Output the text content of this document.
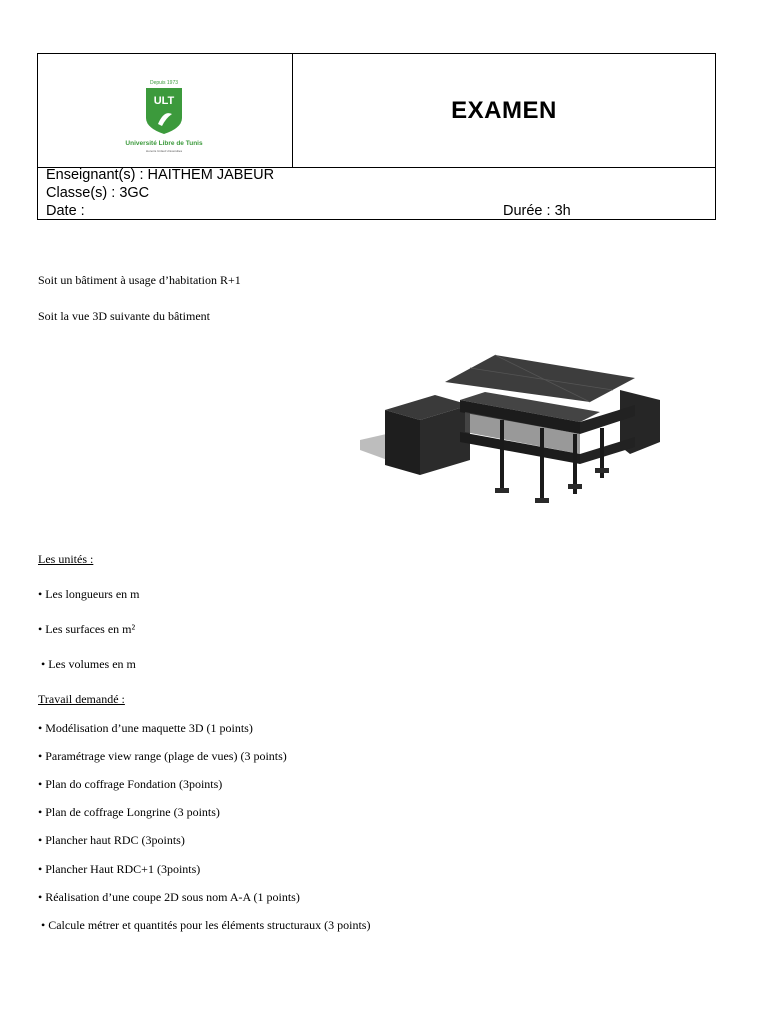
Depuis 1973
ULT
Université Libre de Tunis
Honoris United Universities
EXAMEN
Enseignant(s) : HAITHEM JABEUR
Classe(s) : 3GC
Date :	Durée : 3h
Soit un bâtiment à usage d’habitation R+1
Soit la vue 3D suivante du bâtiment
Les unités :
• Les longueurs en m
• Les surfaces en m²
• Les volumes en m
Travail demandé :
• Modélisation d’une maquette 3D (1 points)
• Paramétrage view range (plage de vues) (3 points)
• Plan do coffrage Fondation (3points)
• Plan de coffrage Longrine (3 points)
• Plancher haut RDC (3points)
• Plancher Haut RDC+1 (3points)
• Réalisation d’une coupe 2D sous nom A-A (1 points)
• Calcule métrer et quantités pour les éléments structuraux (3 points)
